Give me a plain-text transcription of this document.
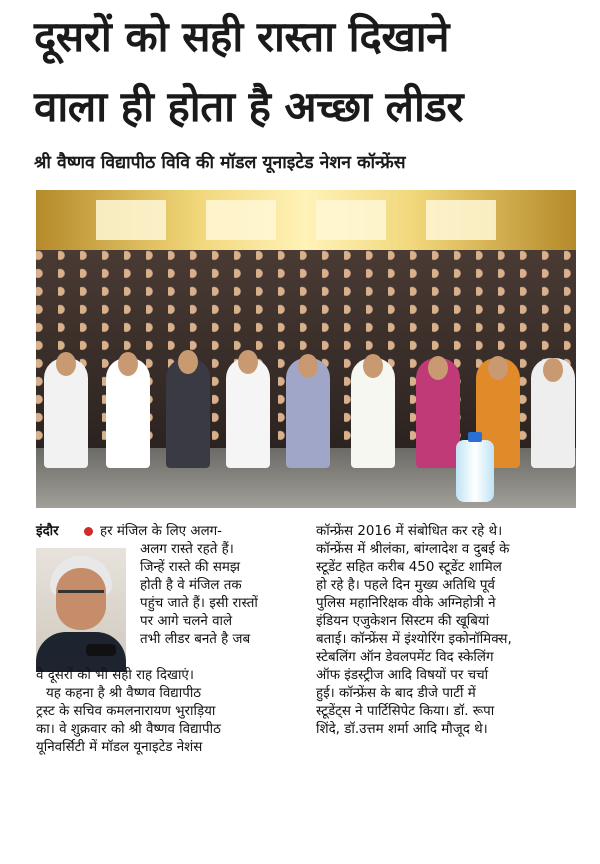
दूसरों को सही रास्ता दिखाने
वाला ही होता है अच्छा लीडर
श्री वैष्णव विद्यापीठ विवि की मॉडल यूनाइटेड नेशन कॉन्फ्रेंस
इंदौर	हर मंजिल के लिए अलग-
अलग रास्ते रहते हैं।
जिन्हें रास्ते की समझ
होती है वे मंजिल तक
पहुंच जाते हैं। इसी रास्तों
पर आगे चलने वाले
तभी लीडर बनते है जब
वे दूसरों को भी सही राह दिखाएं।
यह कहना है श्री वैष्णव विद्यापीठ
ट्रस्ट के सचिव कमलनारायण भुराड़िया
का। वे शुक्रवार को श्री वैष्णव विद्यापीठ
यूनिवर्सिटी में मॉडल यूनाइटेड नेशंस
कॉन्फ्रेंस 2016 में संबोधित कर रहे थे।
कॉन्फ्रेंस में श्रीलंका, बांग्लादेश व दुबई के
स्टूडेंट सहित करीब 450 स्टूडेंट शामिल
हो रहे है। पहले दिन मुख्य अतिथि पूर्व
पुलिस महानिरिक्षक वीके अग्निहोत्री ने
इंडियन एजुकेशन सिस्टम की खूबियां
बताई। कॉन्फ्रेंस में इंश्योरिंग इकोनॉमिक्स,
स्टेबलिंग ऑन डेवलपमेंट विद स्केलिंग
ऑफ इंडस्ट्रीज आदि विषयों पर चर्चा
हुई। कॉन्फ्रेंस के बाद डीजे पार्टी में
स्टूडेंट्स ने पार्टिसिपेट किया। डॉ. रूपा
शिंदे, डॉ.उत्तम शर्मा आदि मौजूद थे।
